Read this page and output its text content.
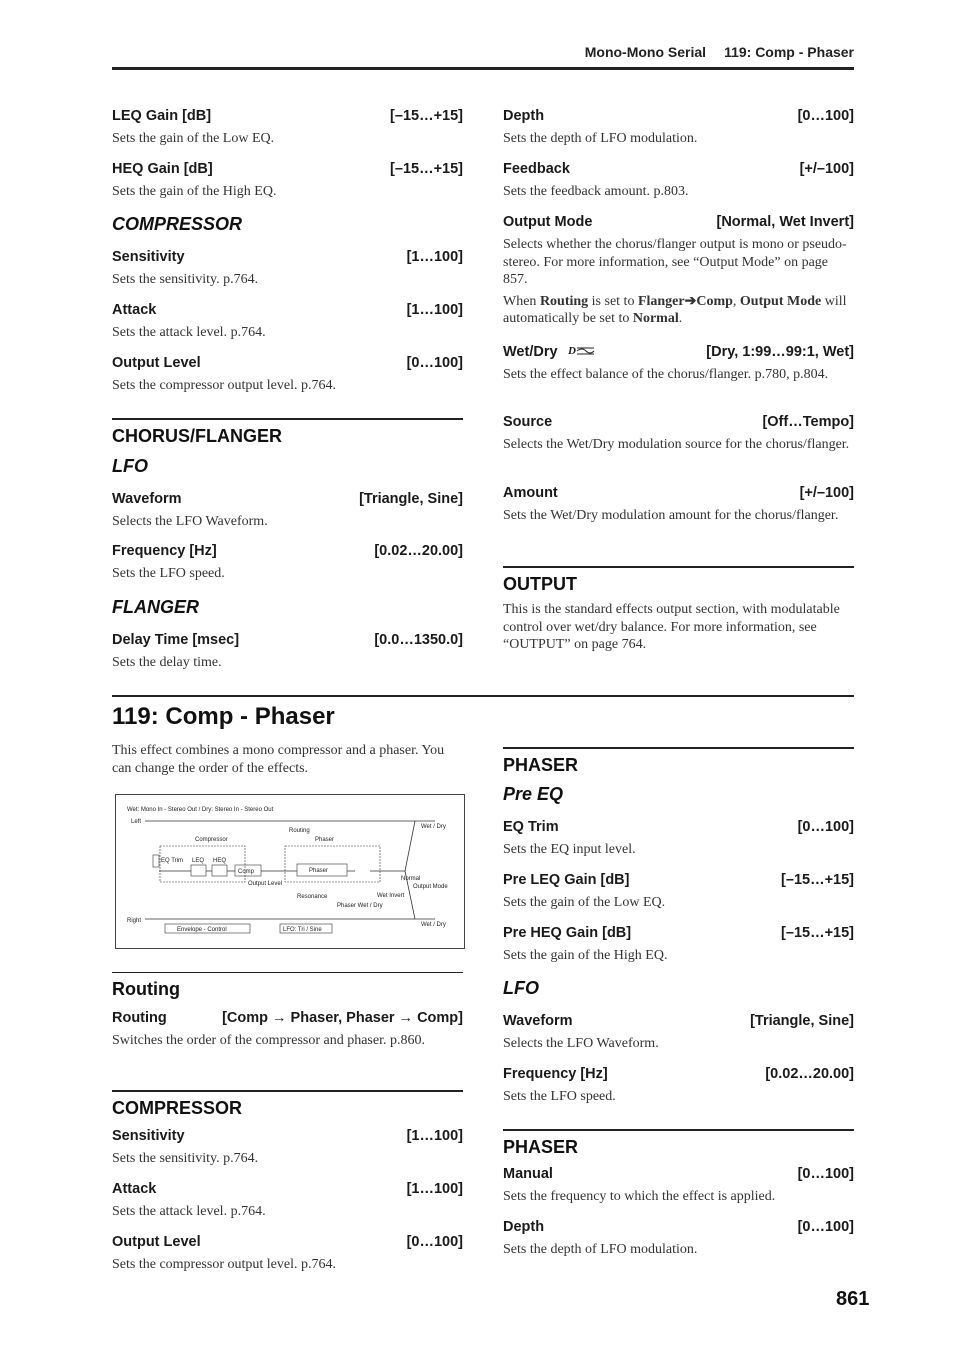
Mono-Mono Serial 119: Comp - Phaser
LEQ Gain [dB]	[–15…+15]
Sets the gain of the Low EQ.
HEQ Gain [dB]	[–15…+15]
Sets the gain of the High EQ.
COMPRESSOR
Sensitivity	[1…100]
Sets the sensitivity. p.764.
Attack	[1…100]
Sets the attack level. p.764.
Output Level	[0…100]
Sets the compressor output level. p.764.
CHORUS/FLANGER
LFO
Waveform	[Triangle, Sine]
Selects the LFO Waveform.
Frequency [Hz]	[0.02…20.00]
Sets the LFO speed.
FLANGER
Delay Time [msec]	[0.0…1350.0]
Sets the delay time.
Depth	[0…100]
Sets the depth of LFO modulation.
Feedback	[+/–100]
Sets the feedback amount. p.803.
Output Mode	[Normal, Wet Invert]
Selects whether the chorus/flanger output is mono or pseudo-stereo. For more information, see “Output Mode” on page 857.
When Routing is set to Flanger➔Comp, Output Mode will automatically be set to Normal.
Wet/Dry D	[Dry, 1:99…99:1, Wet]
Sets the effect balance of the chorus/flanger. p.780, p.804.
Source	[Off…Tempo]
Selects the Wet/Dry modulation source for the chorus/flanger.
Amount	[+/–100]
Sets the Wet/Dry modulation amount for the chorus/flanger.
OUTPUT
This is the standard effects output section, with modulatable control over wet/dry balance. For more information, see “OUTPUT” on page 764.
119: Comp - Phaser
This effect combines a mono compressor and a phaser. You can change the order of the effects.
Wet: Mono In - Stereo Out / Dry: Stereo In - Stereo Out
Left
Right
EQ Trim LEQ HEQ
Comp
Compressor
Routing
Phaser
Phaser
Output Level
Resonance
Phaser Wet / Dry
Normal
Wet Invert
Output Mode
Wet / Dry
Wet / Dry
Envelope - Control	LFO: Tri / Sine
Routing
Routing	[Comp → Phaser, Phaser → Comp]
Switches the order of the compressor and phaser. p.860.
COMPRESSOR
Sensitivity	[1…100]
Sets the sensitivity. p.764.
Attack	[1…100]
Sets the attack level. p.764.
Output Level	[0…100]
Sets the compressor output level. p.764.
PHASER
Pre EQ
EQ Trim	[0…100]
Sets the EQ input level.
Pre LEQ Gain [dB]	[–15…+15]
Sets the gain of the Low EQ.
Pre HEQ Gain [dB]	[–15…+15]
Sets the gain of the High EQ.
LFO
Waveform	[Triangle, Sine]
Selects the LFO Waveform.
Frequency [Hz]	[0.02…20.00]
Sets the LFO speed.
PHASER
Manual	[0…100]
Sets the frequency to which the effect is applied.
Depth	[0…100]
Sets the depth of LFO modulation.
861
